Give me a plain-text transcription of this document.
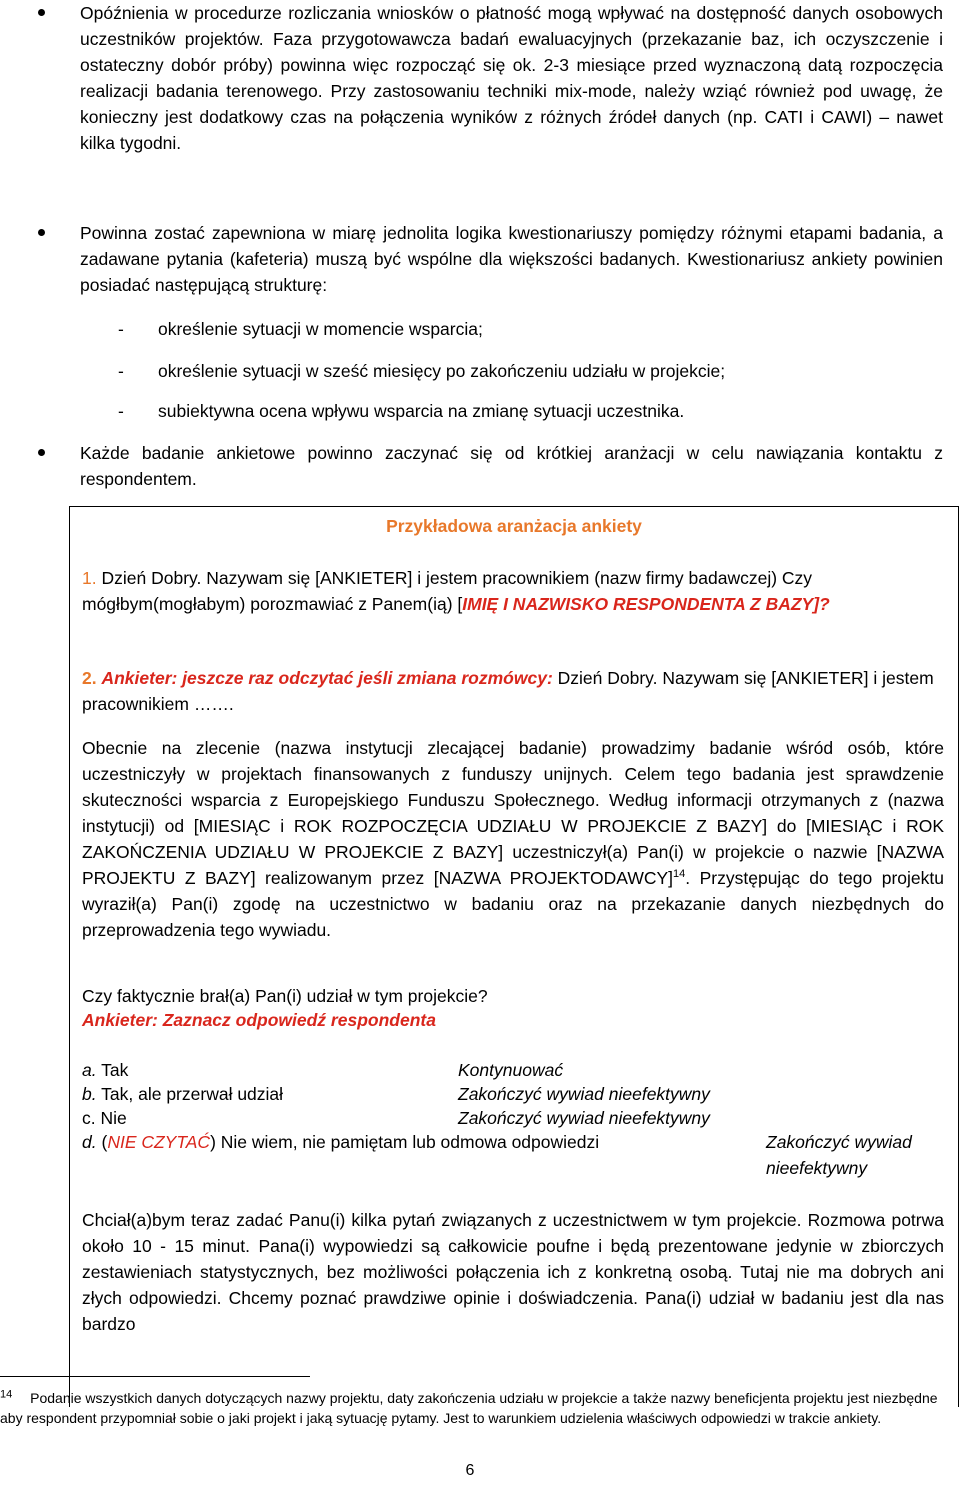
Opóźnienia w procedurze rozliczania wniosków o płatność mogą wpływać na dostępność danych osobowych uczestników projektów. Faza przygotowawcza badań ewaluacyjnych (przekazanie baz, ich oczyszczenie i ostateczny dobór próby) powinna więc rozpocząć się ok. 2-3 miesiące przed wyznaczoną datą rozpoczęcia realizacji badania terenowego. Przy zastosowaniu techniki mix-mode, należy wziąć również pod uwagę, że konieczny jest dodatkowy czas na połączenia wyników z różnych źródeł danych (np. CATI i CAWI) – nawet kilka tygodni.
Powinna zostać zapewniona w miarę jednolita logika kwestionariuszy pomiędzy różnymi etapami badania, a zadawane pytania (kafeteria) muszą być wspólne dla większości badanych. Kwestionariusz ankiety powinien posiadać następującą strukturę:
- określenie sytuacji w momencie wsparcia;
- określenie sytuacji w sześć miesięcy po zakończeniu udziału w projekcie;
- subiektywna ocena wpływu wsparcia na zmianę sytuacji uczestnika.
Każde badanie ankietowe powinno zaczynać się od krótkiej aranżacji w celu nawiązania kontaktu z respondentem.
Przykładowa aranżacja ankiety
1. Dzień Dobry. Nazywam się [ANKIETER] i jestem pracownikiem (nazw firmy badawczej) Czy mógłbym(mogłabym) porozmawiać z Panem(ią) [IMIĘ I NAZWISKO RESPONDENTA Z BAZY]?
2. Ankieter: jeszcze raz odczytać jeśli zmiana rozmówcy: Dzień Dobry. Nazywam się [ANKIETER] i jestem pracownikiem …….
Obecnie na zlecenie (nazwa instytucji zlecającej badanie) prowadzimy badanie wśród osób, które uczestniczyły w projektach finansowanych z funduszy unijnych. Celem tego badania jest sprawdzenie skuteczności wsparcia z Europejskiego Funduszu Społecznego. Według informacji otrzymanych z (nazwa instytucji) od [MIESIĄC i ROK ROZPOCZĘCIA UDZIAŁU W PROJEKCIE Z BAZY] do [MIESIĄC i ROK ZAKOŃCZENIA UDZIAŁU W PROJEKCIE Z BAZY] uczestniczył(a) Pan(i) w projekcie o nazwie [NAZWA PROJEKTU Z BAZY] realizowanym przez [NAZWA PROJEKTODAWCY]$^{14}$. Przystępując do tego projektu wyraził(a) Pan(i) zgodę na uczestnictwo w badaniu oraz na przekazanie danych niezbędnych do przeprowadzenia tego wywiadu.
Czy faktycznie brał(a) Pan(i) udział w tym projekcie?
Ankieter: Zaznacz odpowiedź respondenta
a. Tak	Kontynuować
b. Tak, ale przerwał udział	Zakończyć wywiad nieefektywny
c. Nie	Zakończyć wywiad nieefektywny
d. (NIE CZYTAĆ) Nie wiem, nie pamiętam lub odmowa odpowiedzi	Zakończyć wywiad nieefektywny
Chciał(a)bym teraz zadać Panu(i) kilka pytań związanych z uczestnictwem w tym projekcie. Rozmowa potrwa około 10 - 15 minut. Pana(i) wypowiedzi są całkowicie poufne i będą prezentowane jedynie w zbiorczych zestawieniach statystycznych, bez możliwości połączenia ich z konkretną osobą. Tutaj nie ma dobrych ani złych odpowiedzi. Chcemy poznać prawdziwe opinie i doświadczenia. Pana(i) udział w badaniu jest dla nas bardzo
$^{14}$ Podanie wszystkich danych dotyczących nazwy projektu, daty zakończenia udziału w projekcie a także nazwy beneficjenta projektu jest niezbędne aby respondent przypomniał sobie o jaki projekt i jaką sytuację pytamy. Jest to warunkiem udzielenia właściwych odpowiedzi w trakcie ankiety.
6
